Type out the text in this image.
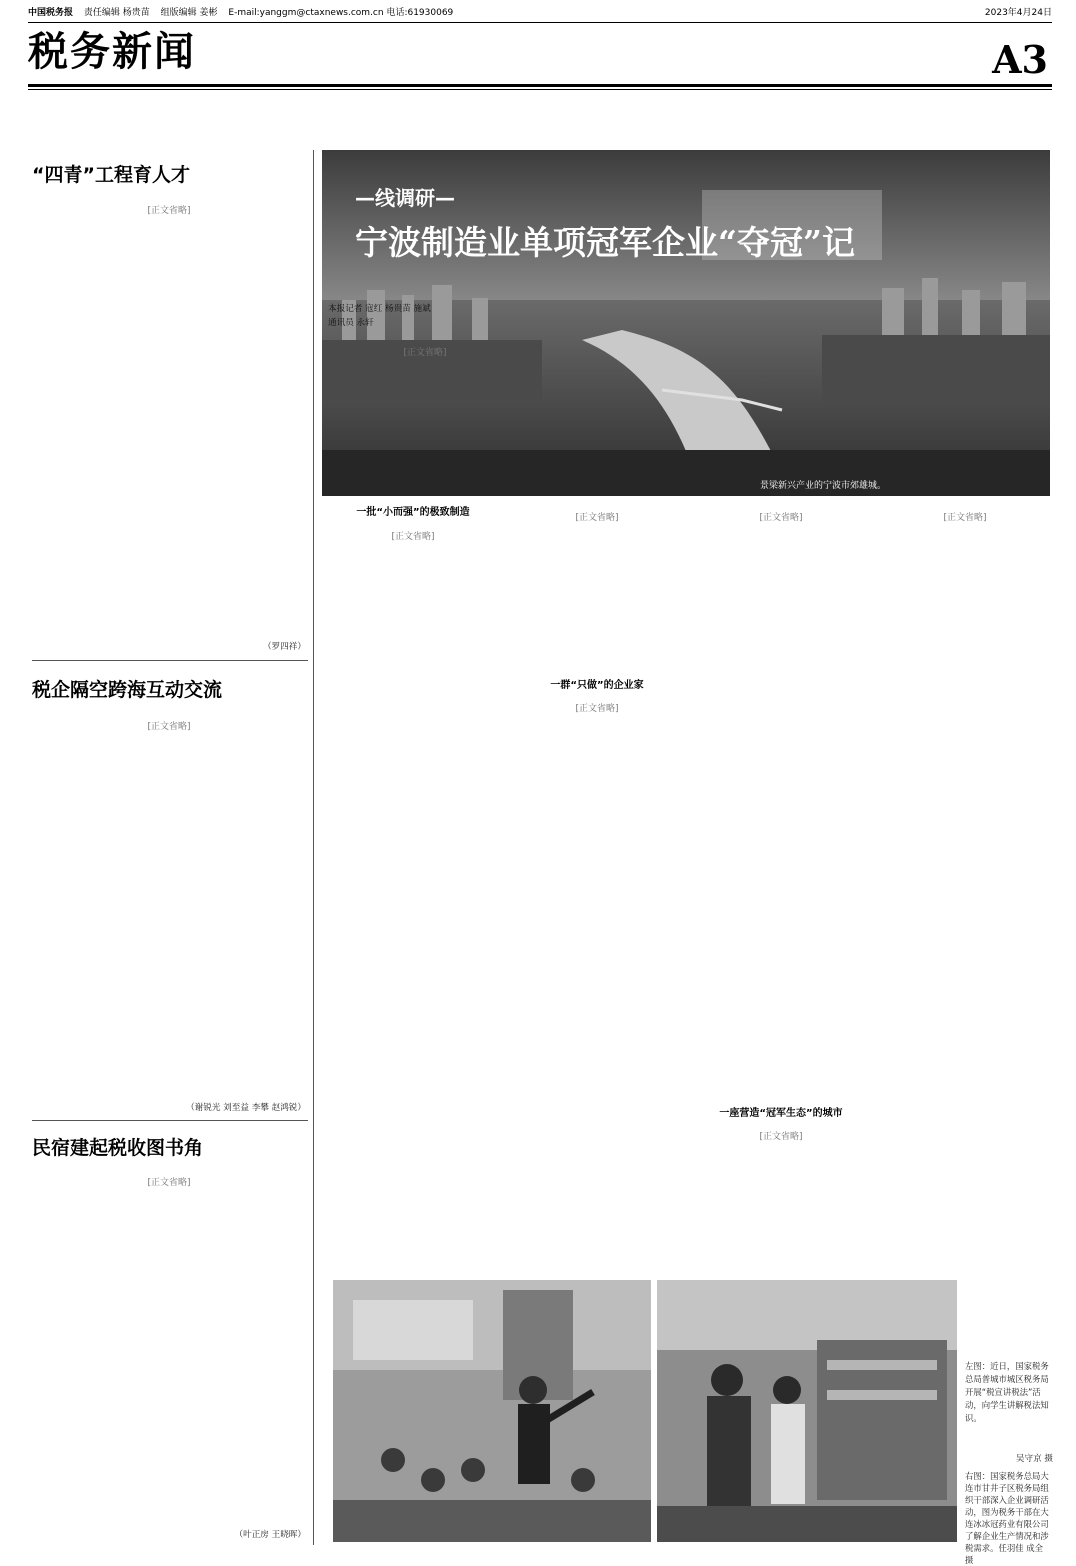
中国税务报 责任编辑 杨贵苗 组版编辑 姜彬 E-mail:yanggm@ctaxnews.com.cn 电话:61930069	2023年4月24日
税务新闻	A3
“四青”工程育人才
[正文省略]
（罗四祥）
税企隔空跨海互动交流
[正文省略]
（谢锐光 刘至益 李攀 赵鸿锐）
民宿建起税收图书角
[正文省略]
（叶正房 王晓晖）
—线调研—
宁波制造业单项冠军企业“夺冠”记
景梁新兴产业的宁波市郊雄城。
本报记者 寇红 杨贵苗 施斌
通讯员 永轩
[正文省略]
一批“小而强”的极致制造
[正文省略]
[正文省略]
一群“只做”的企业家
[正文省略]
[正文省略]
一座营造“冠军生态”的城市
[正文省略]
[正文省略]
左图：近日，国家税务总局普城市城区税务局开展“税宣讲税法”活动，向学生讲解税法知识。
吴守京 摄
右图：国家税务总局大连市甘井子区税务局组织干部深入企业调研活动，图为税务干部在大连冰冰冠药业有限公司了解企业生产情况和涉税需求。任羽佳 成全 摄
